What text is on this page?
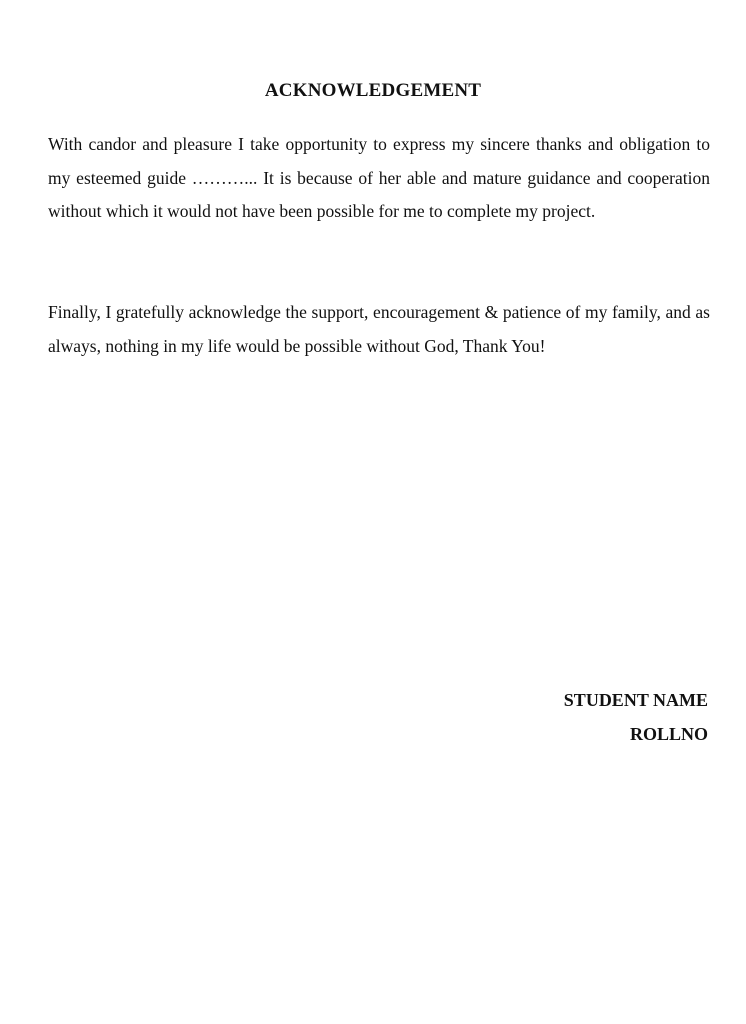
ACKNOWLEDGEMENT

With candor and pleasure I take opportunity to express my sincere thanks and obligation to my esteemed guide ………... It is because of her able and mature guidance and cooperation without which it would not have been possible for me to complete my project.

Finally, I gratefully acknowledge the support, encouragement & patience of my family, and as always, nothing in my life would be possible without God, Thank You!

STUDENT NAME

ROLLNO
